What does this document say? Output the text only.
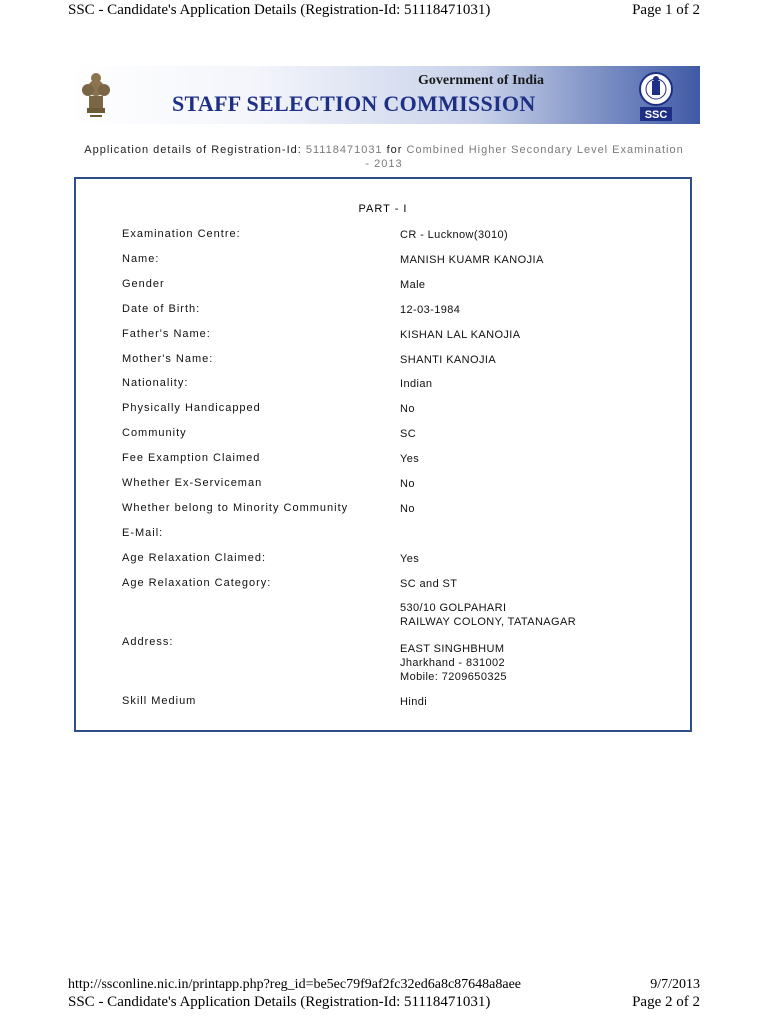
SSC - Candidate's Application Details (Registration-Id: 51118471031)	Page 1 of 2
Government of India
STAFF SELECTION COMMISSION	SSC
Application details of Registration-Id: 51118471031 for Combined Higher Secondary Level Examination - 2013
PART - I
Examination Centre:	CR - Lucknow(3010)
Name:	MANISH KUAMR KANOJIA
Gender	Male
Date of Birth:	12-03-1984
Father's Name:	KISHAN LAL KANOJIA
Mother's Name:	SHANTI KANOJIA
Nationality:	Indian
Physically Handicapped	No
Community	SC
Fee Examption Claimed	Yes
Whether Ex-Serviceman	No
Whether belong to Minority Community	No
E-Mail:
Age Relaxation Claimed:	Yes
Age Relaxation Category:	SC and ST
Address:
530/10 GOLPAHARI
RAILWAY COLONY, TATANAGAR
EAST SINGHBHUM
Jharkhand - 831002
Mobile: 7209650325
Skill Medium	Hindi
http://ssconline.nic.in/printapp.php?reg_id=be5ec79f9af2fc32ed6a8c87648a8aee	9/7/2013
SSC - Candidate's Application Details (Registration-Id: 51118471031)	Page 2 of 2
